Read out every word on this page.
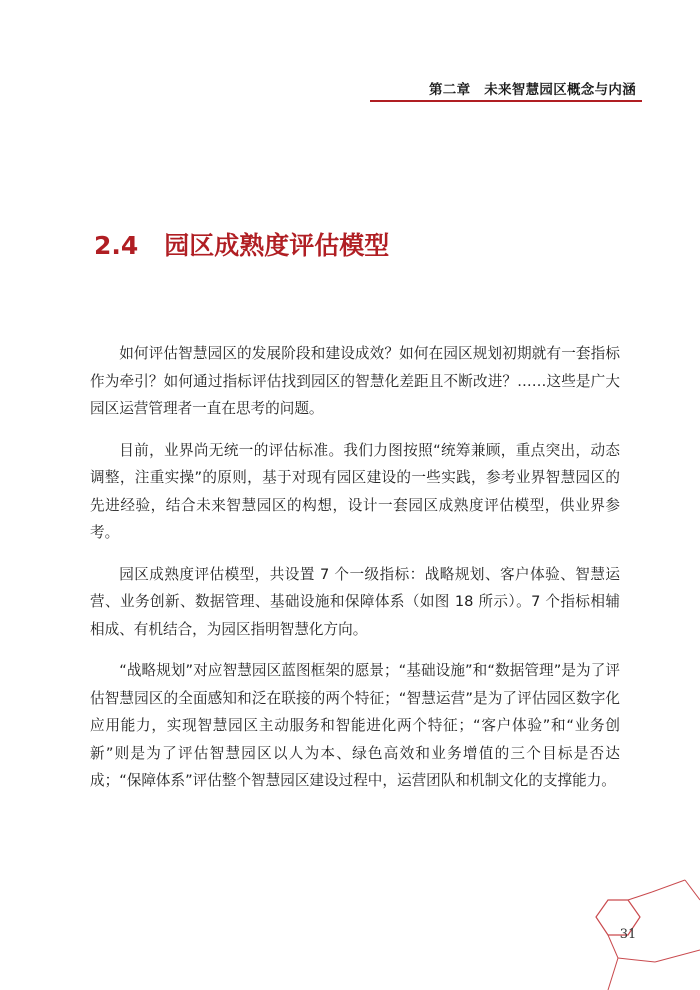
第二章　未来智慧园区概念与内涵
2.4 园区成熟度评估模型

如何评估智慧园区的发展阶段和建设成效？如何在园区规划初期就有一套指标作为牵引？如何通过指标评估找到园区的智慧化差距且不断改进？……这些是广大园区运营管理者一直在思考的问题。

目前，业界尚无统一的评估标准。我们力图按照“统筹兼顾，重点突出，动态调整，注重实操”的原则，基于对现有园区建设的一些实践，参考业界智慧园区的先进经验，结合未来智慧园区的构想，设计一套园区成熟度评估模型，供业界参考。

园区成熟度评估模型，共设置 7 个一级指标：战略规划、客户体验、智慧运营、业务创新、数据管理、基础设施和保障体系（如图 18 所示）。7 个指标相辅相成、有机结合，为园区指明智慧化方向。

“战略规划”对应智慧园区蓝图框架的愿景；“基础设施”和“数据管理”是为了评估智慧园区的全面感知和泛在联接的两个特征；“智慧运营”是为了评估园区数字化应用能力，实现智慧园区主动服务和智能进化两个特征；“客户体验”和“业务创新”则是为了评估智慧园区以人为本、绿色高效和业务增值的三个目标是否达成；“保障体系”评估整个智慧园区建设过程中，运营团队和机制文化的支撑能力。

31
